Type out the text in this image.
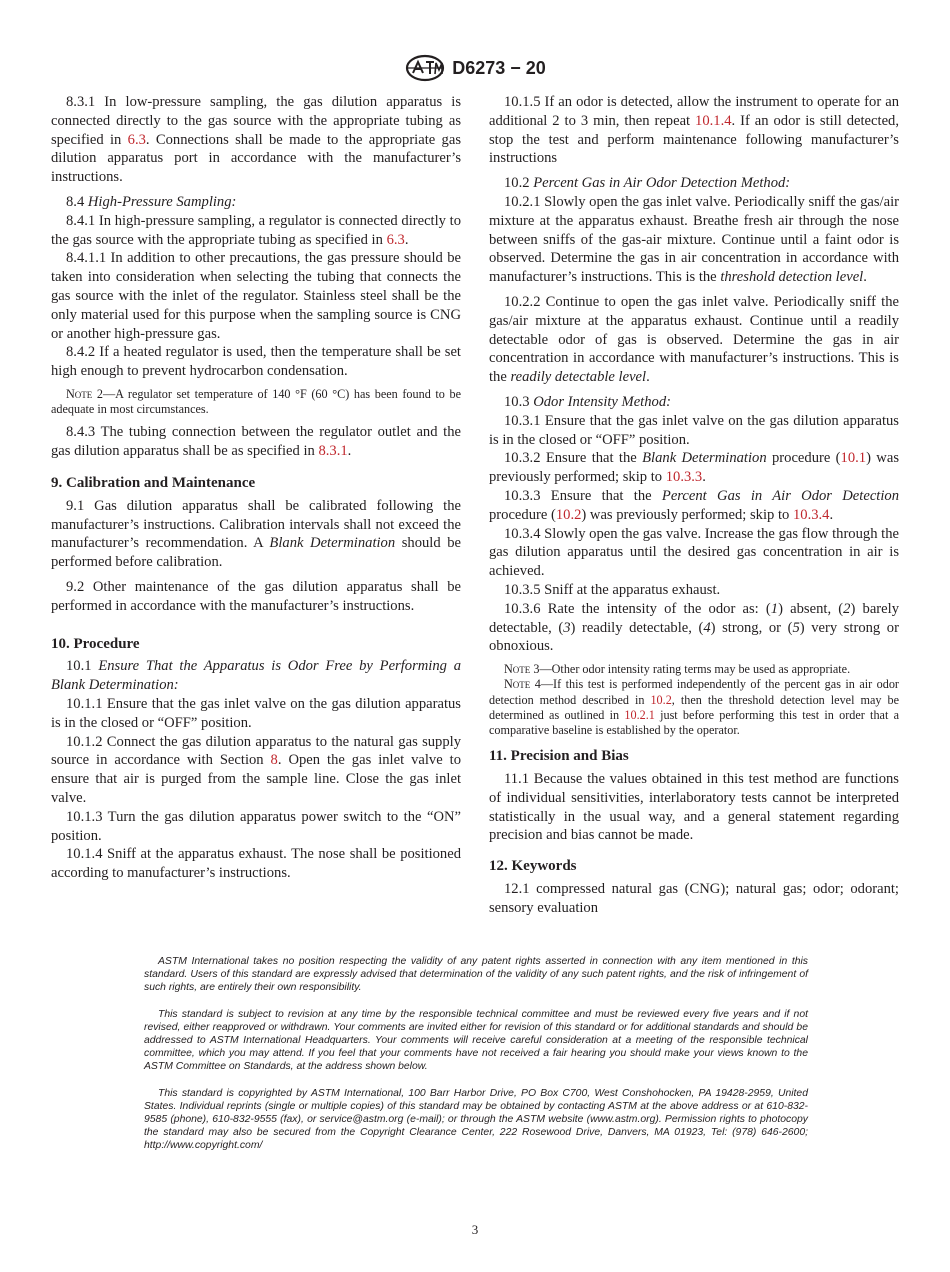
D6273 − 20

8.3.1 In low-pressure sampling, the gas dilution apparatus is connected directly to the gas source with the appropriate tubing as specified in 6.3. Connections shall be made to the appropriate gas dilution apparatus port in accordance with the manufacturer’s instructions.

8.4 High-Pressure Sampling:

8.4.1 In high-pressure sampling, a regulator is connected directly to the gas source with the appropriate tubing as specified in 6.3.

8.4.1.1 In addition to other precautions, the gas pressure should be taken into consideration when selecting the tubing that connects the gas source with the inlet of the regulator. Stainless steel shall be the only material used for this purpose when the sampling source is CNG or another high-pressure gas.

8.4.2 If a heated regulator is used, then the temperature shall be set high enough to prevent hydrocarbon condensation.

Note 2—A regulator set temperature of 140 °F (60 °C) has been found to be adequate in most circumstances.

8.4.3 The tubing connection between the regulator outlet and the gas dilution apparatus shall be as specified in 8.3.1.

9. Calibration and Maintenance

9.1 Gas dilution apparatus shall be calibrated following the manufacturer’s instructions. Calibration intervals shall not exceed the manufacturer’s recommendation. A Blank Determination should be performed before calibration.

9.2 Other maintenance of the gas dilution apparatus shall be performed in accordance with the manufacturer’s instructions.

10. Procedure

10.1 Ensure That the Apparatus is Odor Free by Performing a Blank Determination:

10.1.1 Ensure that the gas inlet valve on the gas dilution apparatus is in the closed or “OFF” position.

10.1.2 Connect the gas dilution apparatus to the natural gas supply source in accordance with Section 8. Open the gas inlet valve to ensure that air is purged from the sample line. Close the gas inlet valve.

10.1.3 Turn the gas dilution apparatus power switch to the “ON” position.

10.1.4 Sniff at the apparatus exhaust. The nose shall be positioned according to manufacturer’s instructions.

10.1.5 If an odor is detected, allow the instrument to operate for an additional 2 to 3 min, then repeat 10.1.4. If an odor is still detected, stop the test and perform maintenance following manufacturer’s instructions

10.2 Percent Gas in Air Odor Detection Method:

10.2.1 Slowly open the gas inlet valve. Periodically sniff the gas/air mixture at the apparatus exhaust. Breathe fresh air through the nose between sniffs of the gas-air mixture. Continue until a faint odor is observed. Determine the gas in air concentration in accordance with manufacturer’s instructions. This is the threshold detection level.

10.2.2 Continue to open the gas inlet valve. Periodically sniff the gas/air mixture at the apparatus exhaust. Continue until a readily detectable odor of gas is observed. Determine the gas in air concentration in accordance with manufacturer’s instructions. This is the readily detectable level.

10.3 Odor Intensity Method:

10.3.1 Ensure that the gas inlet valve on the gas dilution apparatus is in the closed or “OFF” position.

10.3.2 Ensure that the Blank Determination procedure (10.1) was previously performed; skip to 10.3.3.

10.3.3 Ensure that the Percent Gas in Air Odor Detection procedure (10.2) was previously performed; skip to 10.3.4.

10.3.4 Slowly open the gas valve. Increase the gas flow through the gas dilution apparatus until the desired gas concentration in air is achieved.

10.3.5 Sniff at the apparatus exhaust.

10.3.6 Rate the intensity of the odor as: (1) absent, (2) barely detectable, (3) readily detectable, (4) strong, or (5) very strong or obnoxious.

Note 3—Other odor intensity rating terms may be used as appropriate.

Note 4—If this test is performed independently of the percent gas in air odor detection method described in 10.2, then the threshold detection level may be determined as outlined in 10.2.1 just before performing this test in order that a comparative baseline is established by the operator.

11. Precision and Bias

11.1 Because the values obtained in this test method are functions of individual sensitivities, interlaboratory tests cannot be interpreted statistically in the usual way, and a general statement regarding precision and bias cannot be made.

12. Keywords

12.1 compressed natural gas (CNG); natural gas; odor; odorant; sensory evaluation

ASTM International takes no position respecting the validity of any patent rights asserted in connection with any item mentioned in this standard. Users of this standard are expressly advised that determination of the validity of any such patent rights, and the risk of infringement of such rights, are entirely their own responsibility.

This standard is subject to revision at any time by the responsible technical committee and must be reviewed every five years and if not revised, either reapproved or withdrawn. Your comments are invited either for revision of this standard or for additional standards and should be addressed to ASTM International Headquarters. Your comments will receive careful consideration at a meeting of the responsible technical committee, which you may attend. If you feel that your comments have not received a fair hearing you should make your views known to the ASTM Committee on Standards, at the address shown below.

This standard is copyrighted by ASTM International, 100 Barr Harbor Drive, PO Box C700, West Conshohocken, PA 19428-2959, United States. Individual reprints (single or multiple copies) of this standard may be obtained by contacting ASTM at the above address or at 610-832-9585 (phone), 610-832-9555 (fax), or service@astm.org (e-mail); or through the ASTM website (www.astm.org). Permission rights to photocopy the standard may also be secured from the Copyright Clearance Center, 222 Rosewood Drive, Danvers, MA 01923, Tel: (978) 646-2600; http://www.copyright.com/

3
